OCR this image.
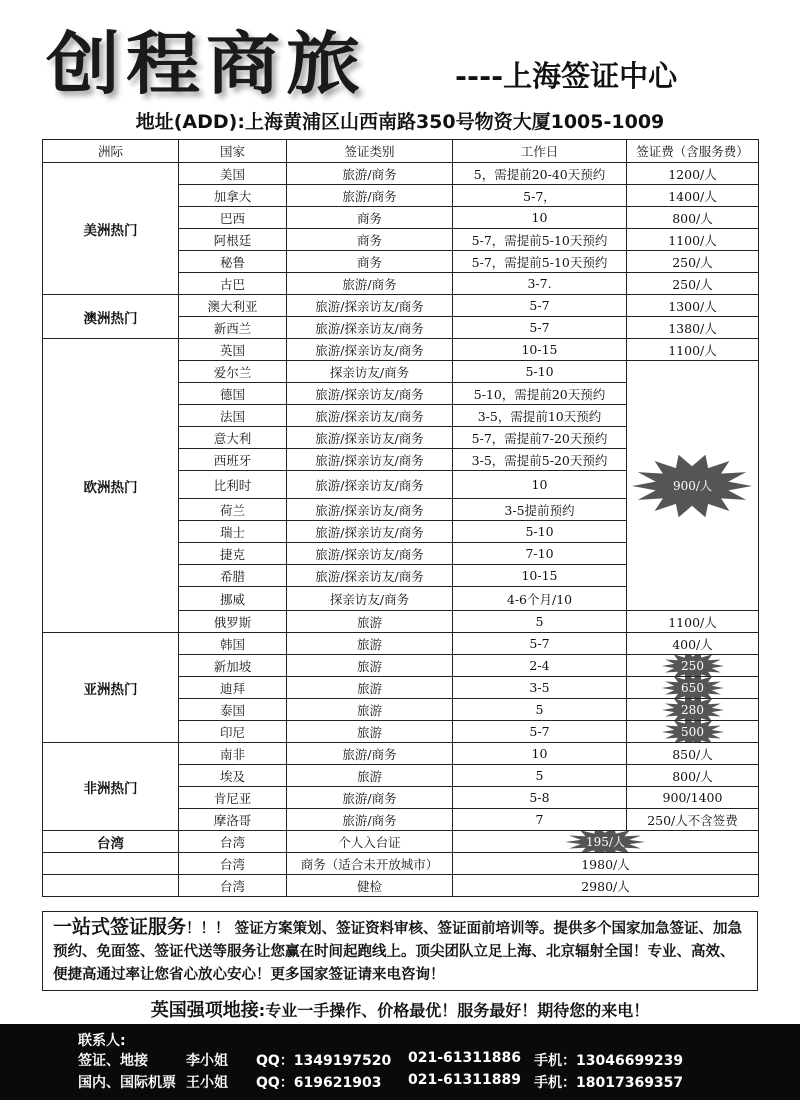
创程商旅	----上海签证中心
地址(ADD):上海黄浦区山西南路350号物资大厦1005-1009
洲际	国家	签证类别	工作日	签证费（含服务费）
美洲热门	美国	旅游/商务	5，需提前20-40天预约	1200/人
	加拿大	旅游/商务	5-7，	1400/人
	巴西	商务	10	800/人
	阿根廷	商务	5-7，需提前5-10天预约	1100/人
	秘鲁	商务	5-7，需提前5-10天预约	250/人
	古巴	旅游/商务	3-7.	250/人
澳洲热门	澳大利亚	旅游/探亲访友/商务	5-7	1300/人
	新西兰	旅游/探亲访友/商务	5-7	1380/人
欧洲热门	英国	旅游/探亲访友/商务	10-15	1100/人
	爱尔兰	探亲访友/商务	5-10	900/人
	德国	旅游/探亲访友/商务	5-10，需提前20天预约	
	法国	旅游/探亲访友/商务	3-5，需提前10天预约	
	意大利	旅游/探亲访友/商务	5-7，需提前7-20天预约	
	西班牙	旅游/探亲访友/商务	3-5，需提前5-20天预约	
	比利时	旅游/探亲访友/商务	10	
	荷兰	旅游/探亲访友/商务	3-5提前预约	
	瑞士	旅游/探亲访友/商务	5-10	
	捷克	旅游/探亲访友/商务	7-10	
	希腊	旅游/探亲访友/商务	10-15	
	挪威	探亲访友/商务	4-6个月/10	
	俄罗斯	旅游	5	1100/人
亚洲热门	韩国	旅游	5-7	400/人
	新加坡	旅游	2-4	250
	迪拜	旅游	3-5	650
	泰国	旅游	5	280
	印尼	旅游	5-7	500
非洲热门	南非	旅游/商务	10	850/人
	埃及	旅游	5	800/人
	肯尼亚	旅游/商务	5-8	900/1400
	摩洛哥	旅游/商务	7	250/人不含签费
台湾	台湾	个人入台证	195/人	
	台湾	商务（适合未开放城市）	1980/人	
	台湾	健检	2980/人	
一站式签证服务！！！ 签证方案策划、签证资料审核、签证面前培训等。提供多个国家加急签证、加急预约、免面签、签证代送等服务让您赢在时间起跑线上。顶尖团队立足上海、北京辐射全国！专业、高效、便捷高通过率让您省心放心安心！更多国家签证请来电咨询！
英国强项地接:专业一手操作、价格最优！服务最好！期待您的来电！
联系人:
签证、地接	李小姐 QQ：1349197520 021-61311886 手机：13046699239
国内、国际机票 王小姐 QQ：619621903 021-61311889 手机：18017369357
